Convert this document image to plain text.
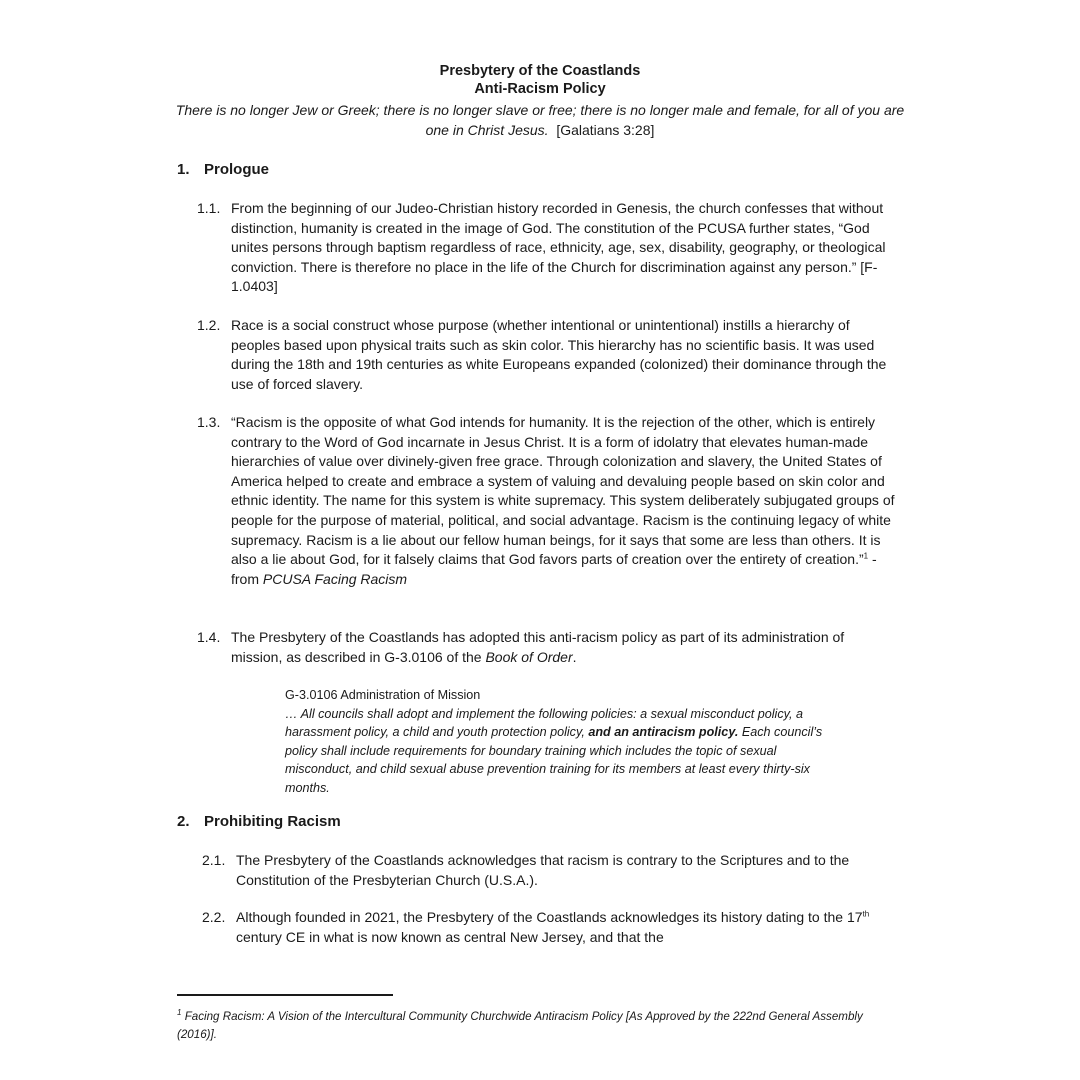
Presbytery of the Coastlands
Anti-Racism Policy
There is no longer Jew or Greek; there is no longer slave or free; there is no longer male and female, for all of you are one in Christ Jesus. [Galatians 3:28]
1. Prologue
1.1. From the beginning of our Judeo-Christian history recorded in Genesis, the church confesses that without distinction, humanity is created in the image of God. The constitution of the PCUSA further states, “God unites persons through baptism regardless of race, ethnicity, age, sex, disability, geography, or theological conviction. There is therefore no place in the life of the Church for discrimination against any person.” [F-1.0403]
1.2. Race is a social construct whose purpose (whether intentional or unintentional) instills a hierarchy of peoples based upon physical traits such as skin color. This hierarchy has no scientific basis. It was used during the 18th and 19th centuries as white Europeans expanded (colonized) their dominance through the use of forced slavery.
1.3. “Racism is the opposite of what God intends for humanity. It is the rejection of the other, which is entirely contrary to the Word of God incarnate in Jesus Christ. It is a form of idolatry that elevates human-made hierarchies of value over divinely-given free grace. Through colonization and slavery, the United States of America helped to create and embrace a system of valuing and devaluing people based on skin color and ethnic identity. The name for this system is white supremacy. This system deliberately subjugated groups of people for the purpose of material, political, and social advantage. Racism is the continuing legacy of white supremacy. Racism is a lie about our fellow human beings, for it says that some are less than others. It is also a lie about God, for it falsely claims that God favors parts of creation over the entirety of creation.”$^1$ - from PCUSA Facing Racism
1.4. The Presbytery of the Coastlands has adopted this anti-racism policy as part of its administration of mission, as described in G-3.0106 of the Book of Order.
G-3.0106 Administration of Mission
… All councils shall adopt and implement the following policies: a sexual misconduct policy, a harassment policy, a child and youth protection policy, and an antiracism policy. Each council’s policy shall include requirements for boundary training which includes the topic of sexual misconduct, and child sexual abuse prevention training for its members at least every thirty-six months.
2. Prohibiting Racism
2.1. The Presbytery of the Coastlands acknowledges that racism is contrary to the Scriptures and to the Constitution of the Presbyterian Church (U.S.A.).
2.2. Although founded in 2021, the Presbytery of the Coastlands acknowledges its history dating to the 17th century CE in what is now known as central New Jersey, and that the
$^1$ Facing Racism: A Vision of the Intercultural Community Churchwide Antiracism Policy [As Approved by the 222nd General Assembly (2016)].
